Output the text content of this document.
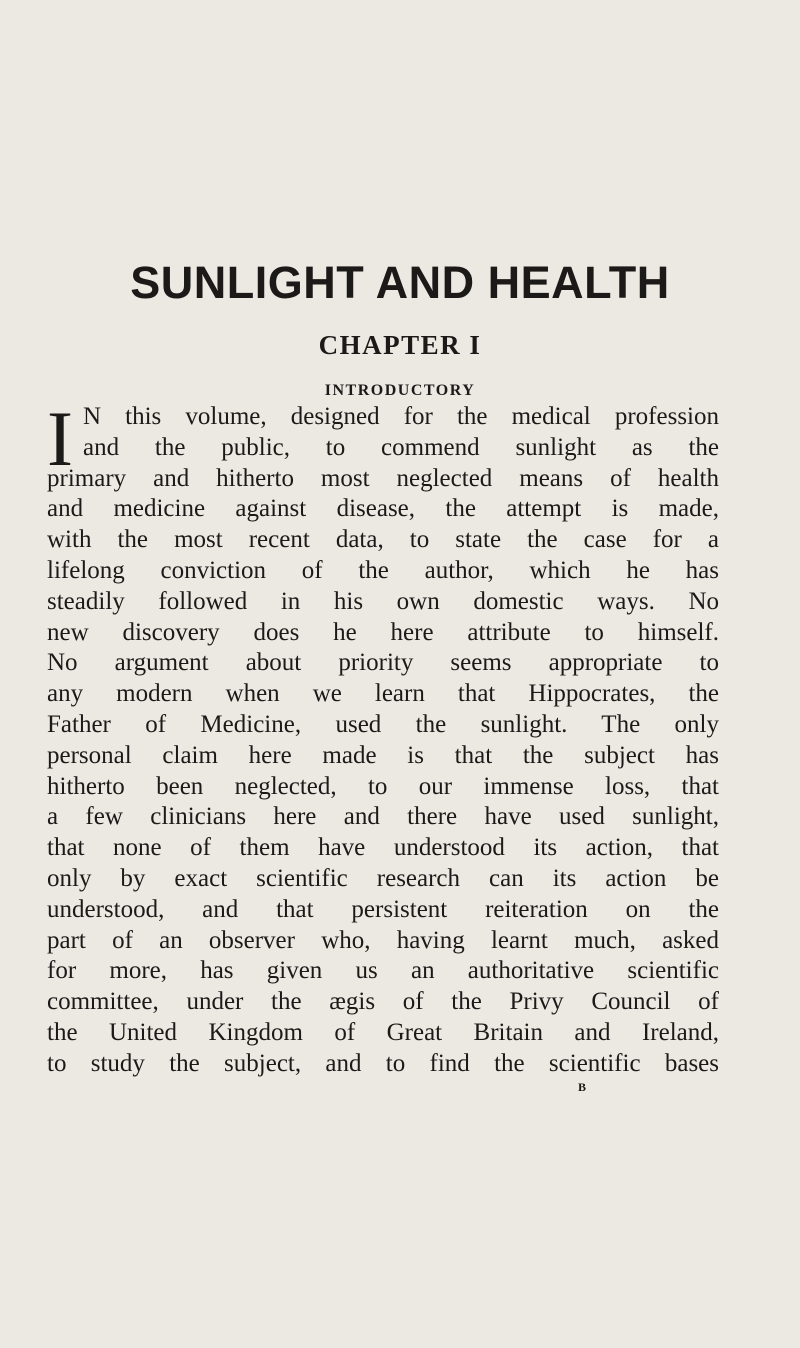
SUNLIGHT AND HEALTH
CHAPTER I
INTRODUCTORY
I N this volume, designed for the medical profession
and the public, to commend sunlight as the
primary and hitherto most neglected means of health
and medicine against disease, the attempt is made,
with the most recent data, to state the case for a
lifelong conviction of the author, which he has
steadily followed in his own domestic ways. No
new discovery does he here attribute to himself.
No argument about priority seems appropriate to
any modern when we learn that Hippocrates, the
Father of Medicine, used the sunlight. The only
personal claim here made is that the subject has
hitherto been neglected, to our immense loss, that
a few clinicians here and there have used sunlight,
that none of them have understood its action, that
only by exact scientific research can its action be
understood, and that persistent reiteration on the
part of an observer who, having learnt much, asked
for more, has given us an authoritative scientific
committee, under the ægis of the Privy Council of
the United Kingdom of Great Britain and Ireland,
to study the subject, and to find the scientific bases
B
